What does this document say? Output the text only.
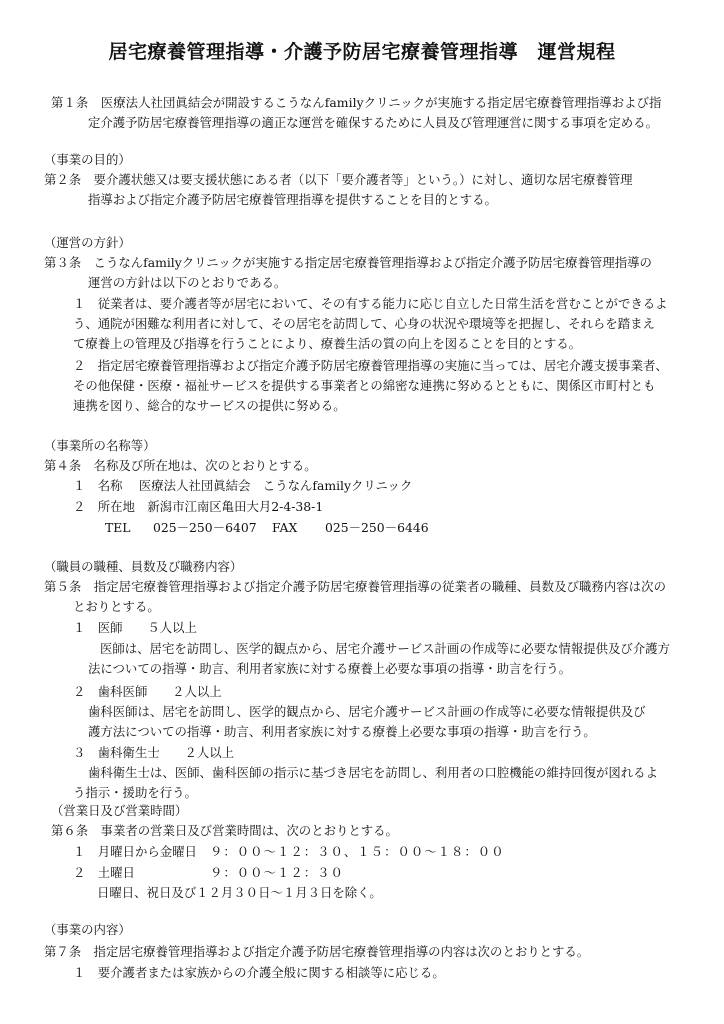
居宅療養管理指導・介護予防居宅療養管理指導　運営規程
第１条　医療法人社団眞結会が開設するこうなんfamilyクリニックが実施する指定居宅療養管理指導および指
定介護予防居宅療養管理指導の適正な運営を確保するために人員及び管理運営に関する事項を定める。
（事業の目的）
第２条　要介護状態又は要支援状態にある者（以下「要介護者等」という。）に対し、適切な居宅療養管理
指導および指定介護予防居宅療養管理指導を提供することを目的とする。
（運営の方針）
第３条　こうなんfamilyクリニックが実施する指定居宅療養管理指導および指定介護予防居宅療養管理指導の
運営の方針は以下のとおりである。
１　従業者は、要介護者等が居宅において、その有する能力に応じ自立した日常生活を営むことができるよ
う、通院が困難な利用者に対して、その居宅を訪問して、心身の状況や環境等を把握し、それらを踏まえ
て療養上の管理及び指導を行うことにより、療養生活の質の向上を図ることを目的とする。
２　指定居宅療養管理指導および指定介護予防居宅療養管理指導の実施に当っては、居宅介護支援事業者、
その他保健・医療・福祉サービスを提供する事業者との綿密な連携に努めるとともに、関係区市町村とも
連携を図り、総合的なサービスの提供に努める。
（事業所の名称等）
第４条　名称及び所在地は、次のとおりとする。
１　名称　 医療法人社団眞結会　こうなんfamilyクリニック
２　所在地　新潟市江南区亀田大月2-4-38-1
TEL 025－250－6407 FAX 025－250－6446
（職員の職種、員数及び職務内容）
第５条　指定居宅療養管理指導および指定介護予防居宅療養管理指導の従業者の職種、員数及び職務内容は次の
とおりとする。
１　医師　　５人以上
医師は、居宅を訪問し、医学的観点から、居宅介護サービス計画の作成等に必要な情報提供及び介護方
法についての指導・助言、利用者家族に対する療養上必要な事項の指導・助言を行う。
２　歯科医師　　２人以上
歯科医師は、居宅を訪問し、医学的観点から、居宅介護サービス計画の作成等に必要な情報提供及び
護方法についての指導・助言、利用者家族に対する療養上必要な事項の指導・助言を行う。
３　歯科衛生士　　２人以上
歯科衛生士は、医師、歯科医師の指示に基づき居宅を訪問し、利用者の口腔機能の維持回復が図れるよ
う指示・援助を行う。
（営業日及び営業時間）
第６条　事業者の営業日及び営業時間は、次のとおりとする。
１　月曜日から金曜日 ９：００～１２：３０、１５：００～１８：００
２　土曜日	９：００～１２：３０
日曜日、祝日及び１２月３０日～１月３日を除く。
（事業の内容）
第７条　指定居宅療養管理指導および指定介護予防居宅療養管理指導の内容は次のとおりとする。
１　要介護者または家族からの介護全般に関する相談等に応じる。
